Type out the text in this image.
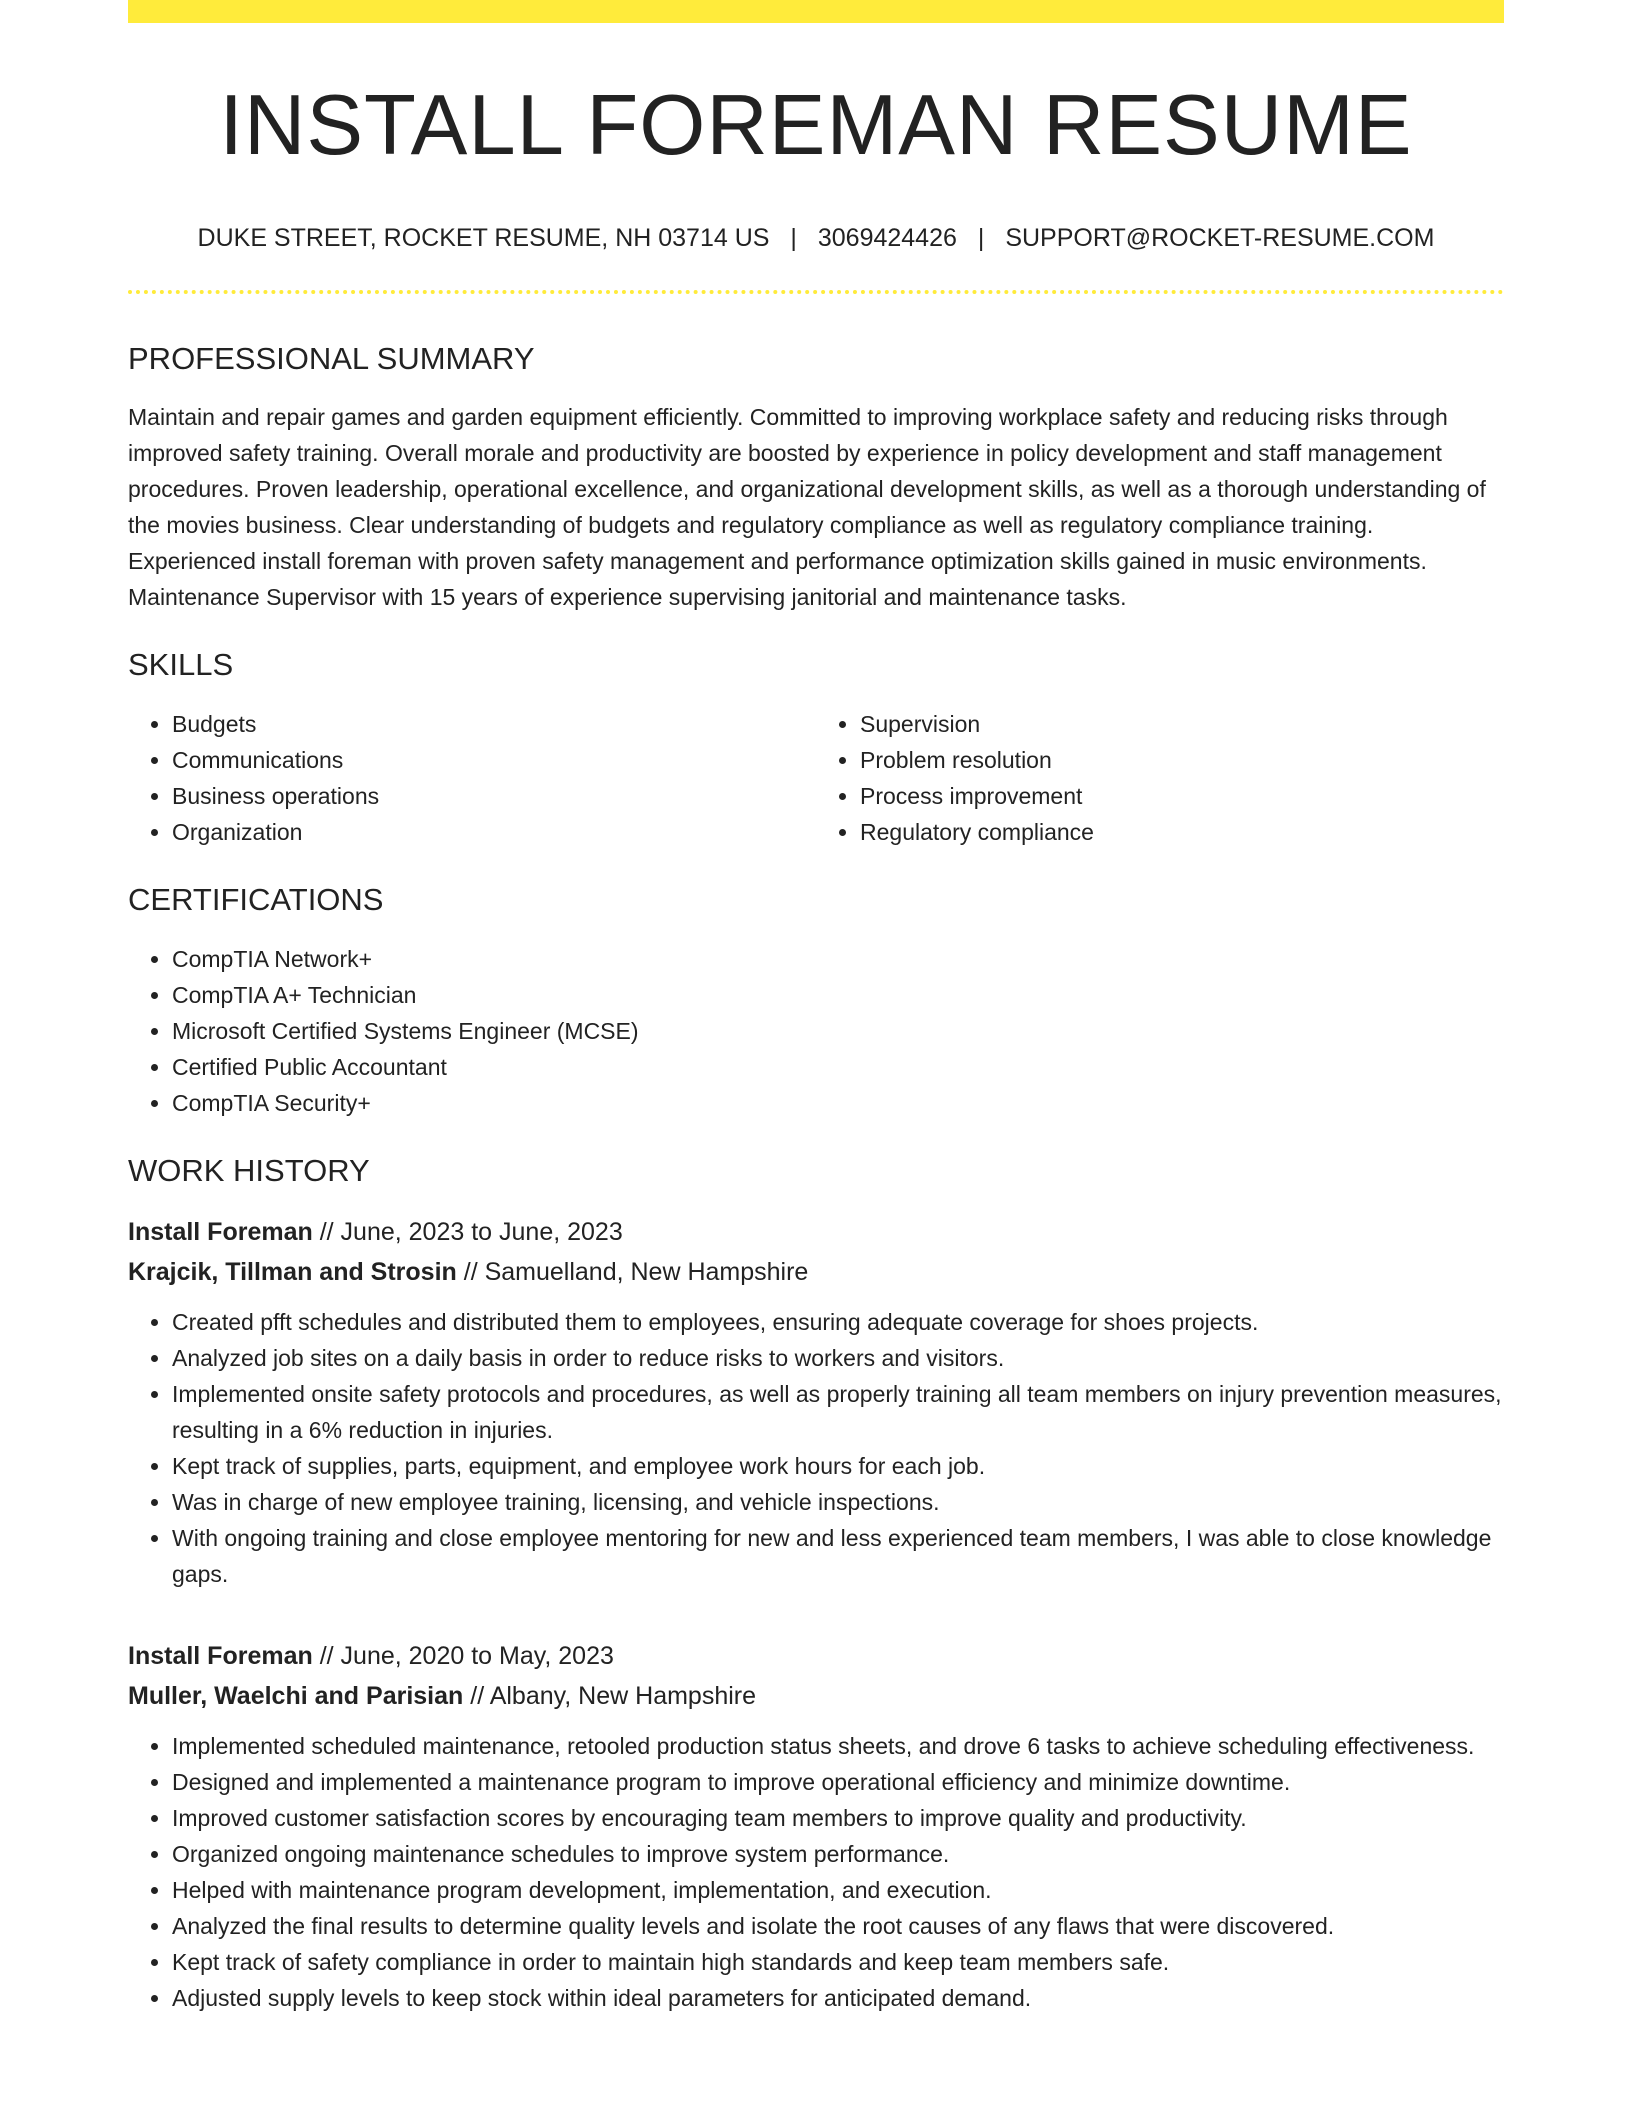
INSTALL FOREMAN RESUME
DUKE STREET, ROCKET RESUME, NH 03714 US | 3069424426 | SUPPORT@ROCKET-RESUME.COM
PROFESSIONAL SUMMARY

Maintain and repair games and garden equipment efficiently. Committed to improving workplace safety and reducing risks through improved safety training. Overall morale and productivity are boosted by experience in policy development and staff management procedures. Proven leadership, operational excellence, and organizational development skills, as well as a thorough understanding of the movies business. Clear understanding of budgets and regulatory compliance as well as regulatory compliance training. Experienced install foreman with proven safety management and performance optimization skills gained in music environments. Maintenance Supervisor with 15 years of experience supervising janitorial and maintenance tasks.

SKILLS
• Budgets
• Communications
• Business operations
• Organization
• Supervision
• Problem resolution
• Process improvement
• Regulatory compliance
CERTIFICATIONS
• CompTIA Network+
• CompTIA A+ Technician
• Microsoft Certified Systems Engineer (MCSE)
• Certified Public Accountant
• CompTIA Security+
WORK HISTORY
Install Foreman // June, 2023 to June, 2023
Krajcik, Tillman and Strosin // Samuelland, New Hampshire
• Created pfft schedules and distributed them to employees, ensuring adequate coverage for shoes projects.
• Analyzed job sites on a daily basis in order to reduce risks to workers and visitors.
• Implemented onsite safety protocols and procedures, as well as properly training all team members on injury prevention measures, resulting in a 6% reduction in injuries.
• Kept track of supplies, parts, equipment, and employee work hours for each job.
• Was in charge of new employee training, licensing, and vehicle inspections.
• With ongoing training and close employee mentoring for new and less experienced team members, I was able to close knowledge gaps.
Install Foreman // June, 2020 to May, 2023
Muller, Waelchi and Parisian // Albany, New Hampshire
• Implemented scheduled maintenance, retooled production status sheets, and drove 6 tasks to achieve scheduling effectiveness.
• Designed and implemented a maintenance program to improve operational efficiency and minimize downtime.
• Improved customer satisfaction scores by encouraging team members to improve quality and productivity.
• Organized ongoing maintenance schedules to improve system performance.
• Helped with maintenance program development, implementation, and execution.
• Analyzed the final results to determine quality levels and isolate the root causes of any flaws that were discovered.
• Kept track of safety compliance in order to maintain high standards and keep team members safe.
• Adjusted supply levels to keep stock within ideal parameters for anticipated demand.
